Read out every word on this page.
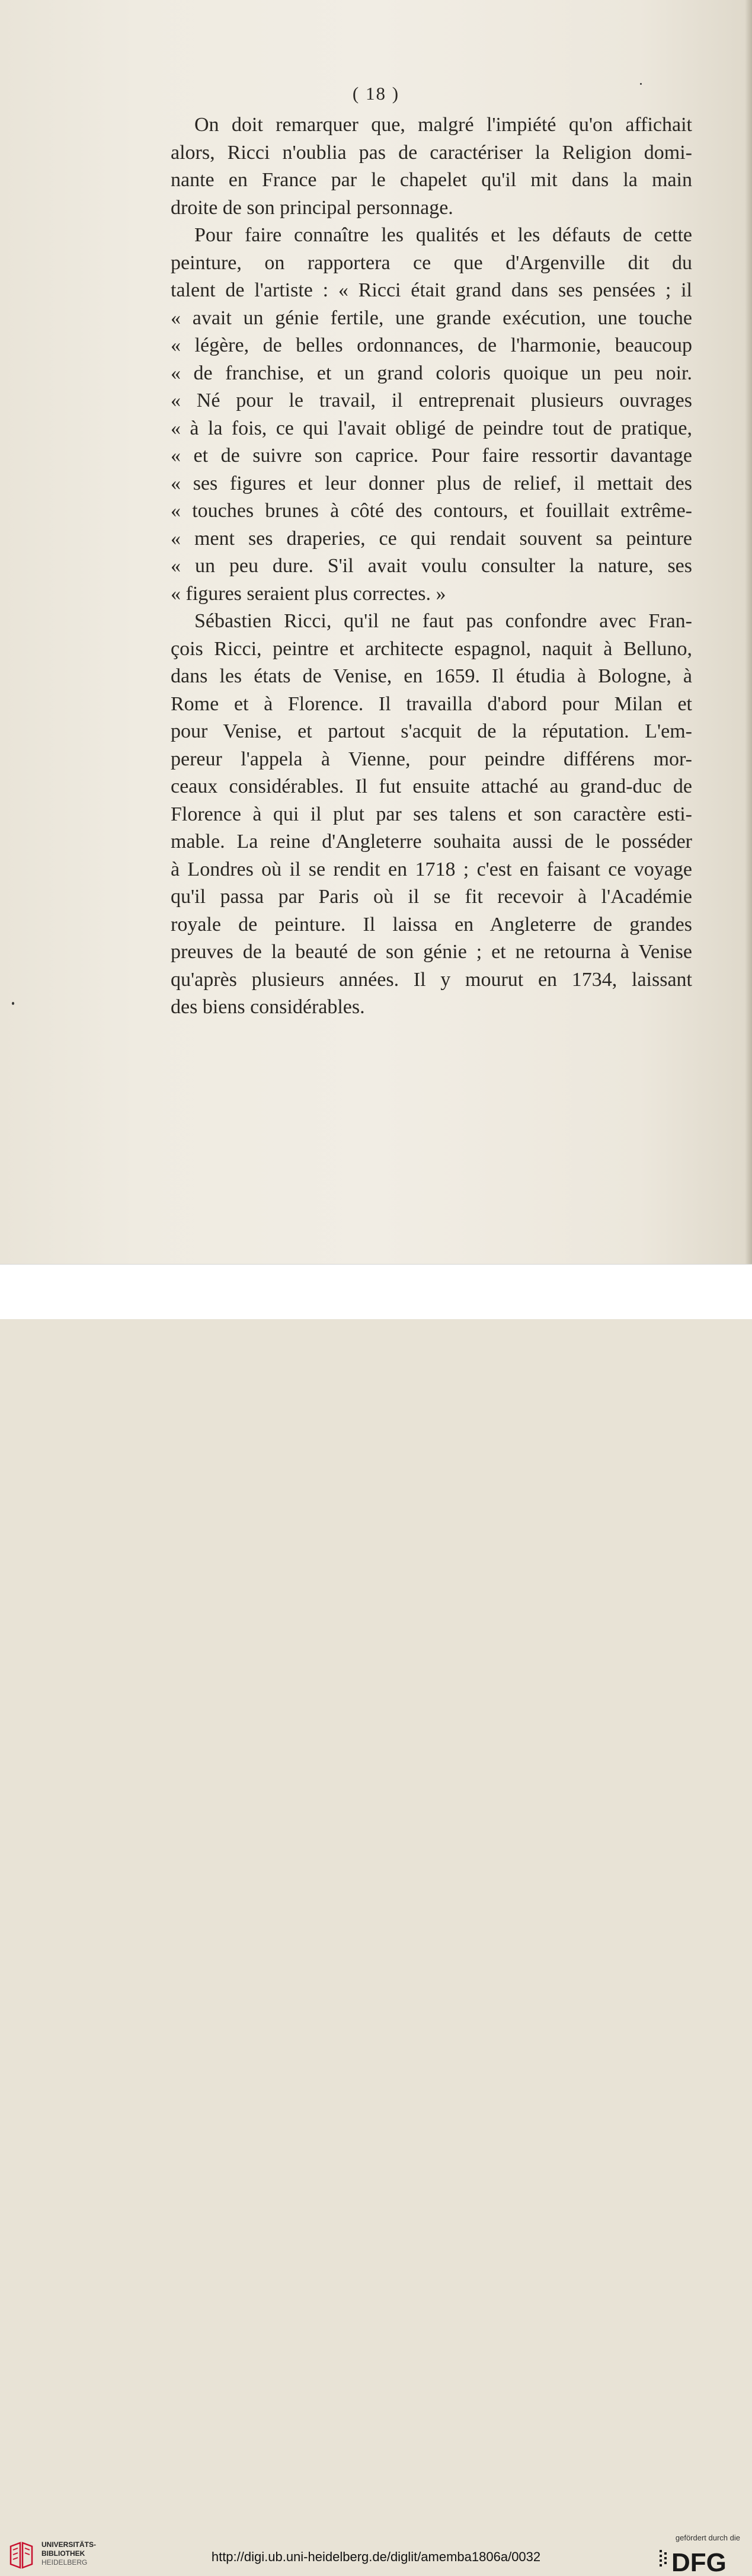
( 18 )
On doit remarquer que, malgré l'impiété qu'on affichait
alors, Ricci n'oublia pas de caractériser la Religion domi-
nante en France par le chapelet qu'il mit dans la main
droite de son principal personnage.
Pour faire connaître les qualités et les défauts de cette
peinture, on rapportera ce que d'Argenville dit du
talent de l'artiste : « Ricci était grand dans ses pensées ; il
« avait un génie fertile, une grande exécution, une touche
« légère, de belles ordonnances, de l'harmonie, beaucoup
« de franchise, et un grand coloris quoique un peu noir.
« Né pour le travail, il entreprenait plusieurs ouvrages
« à la fois, ce qui l'avait obligé de peindre tout de pratique,
« et de suivre son caprice. Pour faire ressortir davantage
« ses figures et leur donner plus de relief, il mettait des
« touches brunes à côté des contours, et fouillait extrême-
« ment ses draperies, ce qui rendait souvent sa peinture
« un peu dure. S'il avait voulu consulter la nature, ses
« figures seraient plus correctes. »
Sébastien Ricci, qu'il ne faut pas confondre avec Fran-
çois Ricci, peintre et architecte espagnol, naquit à Belluno,
dans les états de Venise, en 1659. Il étudia à Bologne, à
Rome et à Florence. Il travailla d'abord pour Milan et
pour Venise, et partout s'acquit de la réputation. L'em-
pereur l'appela à Vienne, pour peindre différens mor-
ceaux considérables. Il fut ensuite attaché au grand-duc de
Florence à qui il plut par ses talens et son caractère esti-
mable. La reine d'Angleterre souhaita aussi de le posséder
à Londres où il se rendit en 1718 ; c'est en faisant ce voyage
qu'il passa par Paris où il se fit recevoir à l'Académie
royale de peinture. Il laissa en Angleterre de grandes
preuves de la beauté de son génie ; et ne retourna à Venise
qu'après plusieurs années. Il y mourut en 1734, laissant
des biens considérables.
UNIVERSITÄTS-
BIBLIOTHEK
HEIDELBERG	http://digi.ub.uni-heidelberg.de/diglit/amemba1806a/0032
gefördert durch die
DFG
